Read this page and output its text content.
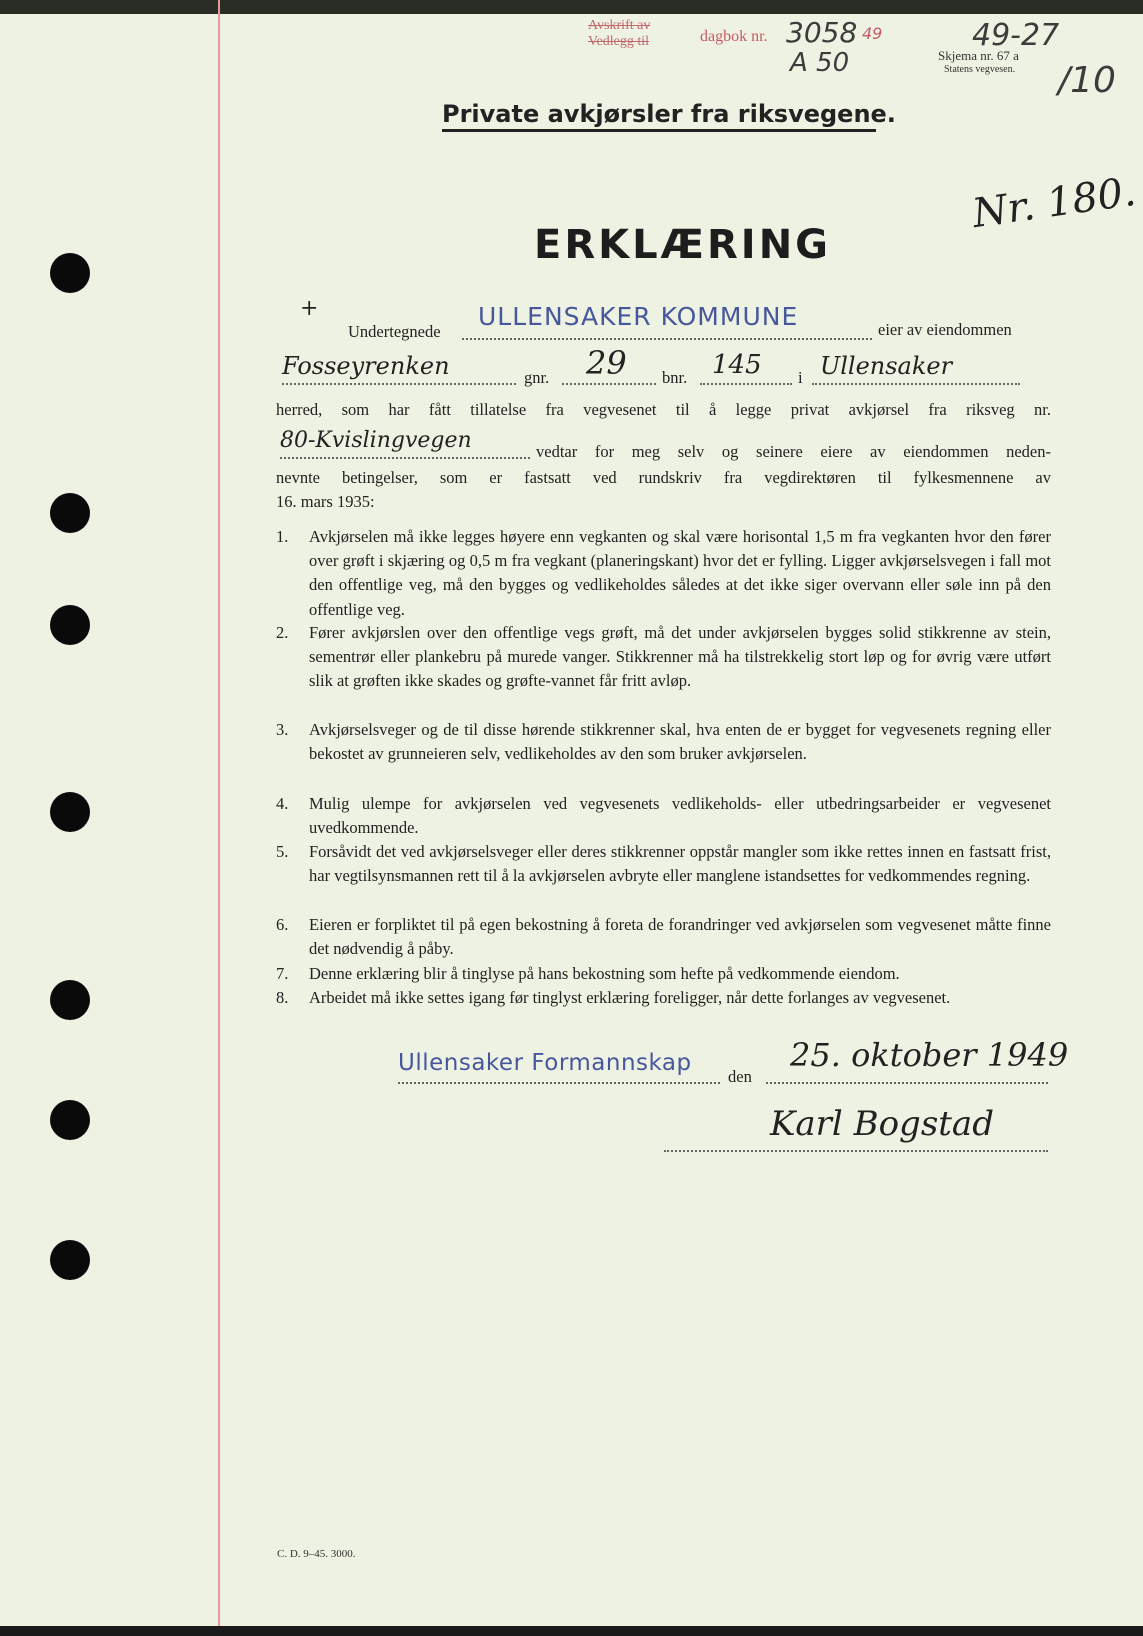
Avskrift av
Vedlegg til	dagbok nr. 3058 49
A 50	Skjema nr. 67 a
Statens vegvesen.
49-27
/10
Private avkjørsler fra riksvegene.
ERKLÆRING
Nr. 180.
+
Undertegnede
ULLENSAKER KOMMUNE	eier av eiendommen
Fosseyrenken	gnr. 29 bnr. 145 i Ullensaker
herred, som har fått tillatelse fra vegvesenet til å legge privat avkjørsel fra riksveg nr.
80-Kvislingvegen	vedtar for meg selv og seinere eiere av eiendommen neden-
nevnte betingelser, som er fastsatt ved rundskriv fra vegdirektøren til fylkesmennene av
16. mars 1935:
1.	Avkjørselen må ikke legges høyere enn vegkanten og skal være horisontal 1,5 m fra vegkanten hvor den fører over grøft i skjæring og 0,5 m fra vegkant (planeringskant) hvor det er fylling. Ligger avkjørselsvegen i fall mot den offentlige veg, må den bygges og vedlikeholdes således at det ikke siger overvann eller søle inn på den offentlige veg.
2.	Fører avkjørslen over den offentlige vegs grøft, må det under avkjørselen bygges solid stikkrenne av stein, sementrør eller plankebru på murede vanger. Stikkrenner må ha tilstrekkelig stort løp og for øvrig være utført slik at grøften ikke skades og grøfte-vannet får fritt avløp.
3.	Avkjørselsveger og de til disse hørende stikkrenner skal, hva enten de er bygget for vegvesenets regning eller bekostet av grunneieren selv, vedlikeholdes av den som bruker avkjørselen.
4.	Mulig ulempe for avkjørselen ved vegvesenets vedlikeholds- eller utbedringsarbeider er vegvesenet uvedkommende.
5.	Forsåvidt det ved avkjørselsveger eller deres stikkrenner oppstår mangler som ikke rettes innen en fastsatt frist, har vegtilsynsmannen rett til å la avkjørselen avbryte eller manglene istandsettes for vedkommendes regning.
6.	Eieren er forpliktet til på egen bekostning å foreta de forandringer ved avkjørselen som vegvesenet måtte finne det nødvendig å påby.
7.	Denne erklæring blir å tinglyse på hans bekostning som hefte på vedkommende eiendom.
8.	Arbeidet må ikke settes igang før tinglyst erklæring foreligger, når dette forlanges av vegvesenet.
Ullensaker Formannskap
den
25. oktober 1949
Karl Bogstad
C. D. 9–45. 3000.
